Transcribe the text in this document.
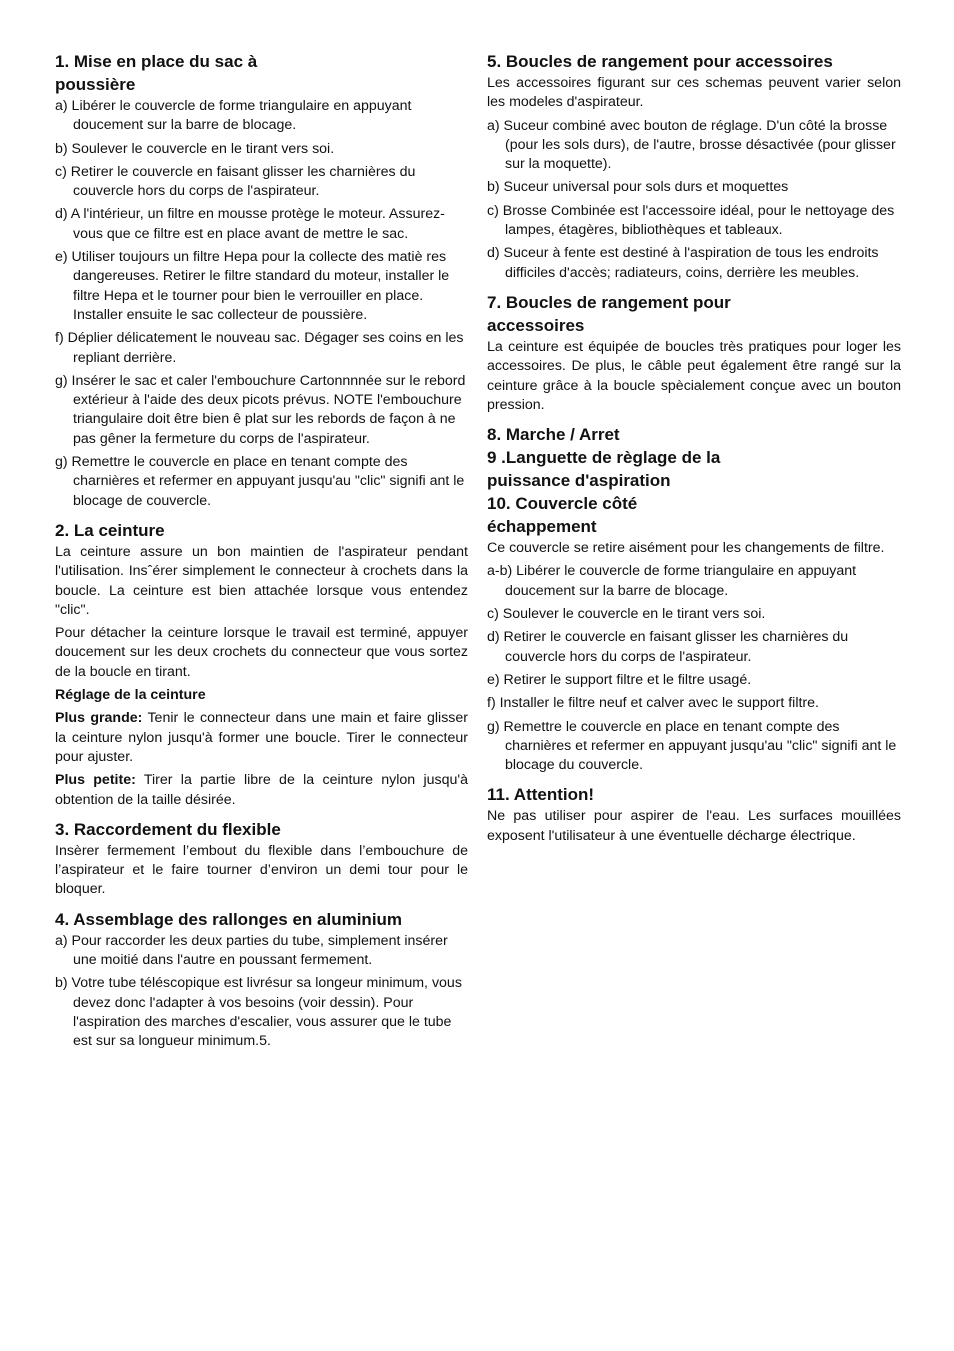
1. Mise en place du sac à
poussière
a) Libérer le couvercle de forme triangulaire en appuyant doucement sur la barre de blocage.
b) Soulever le couvercle en le tirant vers soi.
c) Retirer le couvercle en faisant glisser les charnières du couvercle hors du corps de l'aspirateur.
d) A l'intérieur, un filtre en mousse protège le moteur. Assurez-vous que ce filtre est en place avant de mettre le sac.
e) Utiliser toujours un filtre Hepa pour la collecte des matiè res dangereuses. Retirer le filtre standard du moteur, installer le filtre Hepa et le tourner pour bien le verrouiller en place. Installer ensuite le sac collecteur de poussière.
f) Déplier délicatement le nouveau sac. Dégager ses coins en les repliant derrière.
g) Insérer le sac et caler l'embouchure Cartonnnnée sur le rebord extérieur à l'aide des deux picots prévus. NOTE l'embouchure triangulaire doit être bien ê plat sur les rebords de façon à ne pas gêner la fermeture du corps de l'aspirateur.
g) Remettre le couvercle en place en tenant compte des charnières et refermer en appuyant jusqu'au "clic" signifi ant le blocage de couvercle.
2. La ceinture
La ceinture assure un bon maintien de l'aspirateur pendant l'utilisation. Insˆérer simplement le connecteur à crochets dans la boucle. La ceinture est bien attachée lorsque vous entendez "clic".
Pour détacher la ceinture lorsque le travail est terminé, appuyer doucement sur les deux crochets du connecteur que vous sortez de la boucle en tirant.
Réglage de la ceinture
Plus grande: Tenir le connecteur dans une main et faire glisser la ceinture nylon jusqu'à former une boucle. Tirer le connecteur pour ajuster.
Plus petite: Tirer la partie libre de la ceinture nylon jusqu'à obtention de la taille désirée.
3. Raccordement du flexible
Insèrer fermement l’embout du flexible dans l’embouchure de l’aspirateur et le faire tourner d’environ un demi tour pour le bloquer.
4. Assemblage des rallonges en aluminium
a) Pour raccorder les deux parties du tube, simplement insérer une moitié dans l'autre en poussant fermement.
b) Votre tube téléscopique est livrésur sa longeur minimum, vous devez donc l'adapter à vos besoins (voir dessin). Pour l'aspiration des marches d'escalier, vous assurer que le tube est sur sa longueur minimum.5.
5. Boucles de rangement pour accessoires
Les accessoires figurant sur ces schemas peuvent varier selon les modeles d'aspirateur.
a) Suceur combiné avec bouton de réglage. D'un côté la brosse (pour les sols durs), de l'autre, brosse désactivée (pour glisser sur la moquette).
b) Suceur universal pour sols durs et moquettes
c) Brosse Combinée est l'accessoire idéal, pour le nettoyage des lampes, étagères, bibliothèques et tableaux.
d) Suceur à fente est destiné à l'aspiration de tous les endroits difficiles d'accès; radiateurs, coins, derrière les meubles.
7. Boucles de rangement pour
accessoires
La ceinture est équipée de boucles très pratiques pour loger les accessoires. De plus, le câble peut également être rangé sur la ceinture grâce à la boucle spècialement conçue avec un bouton pression.
8. Marche / Arret
9 .Languette de règlage de la
puissance d'aspiration
10. Couvercle côté
échappement
Ce couvercle se retire aisément pour les changements de filtre.
a-b) Libérer le couvercle de forme triangulaire en appuyant doucement sur la barre de blocage.
c) Soulever le couvercle en le tirant vers soi.
d) Retirer le couvercle en faisant glisser les charnières du couvercle hors du corps de l'aspirateur.
e) Retirer le support filtre et le filtre usagé.
f) Installer le filtre neuf et calver avec le support filtre.
g) Remettre le couvercle en place en tenant compte des charnières et refermer en appuyant jusqu'au "clic" signifi ant le blocage du couvercle.
11. Attention!
Ne pas utiliser pour aspirer de l'eau. Les surfaces mouillées exposent l'utilisateur à une éventuelle décharge électrique.
